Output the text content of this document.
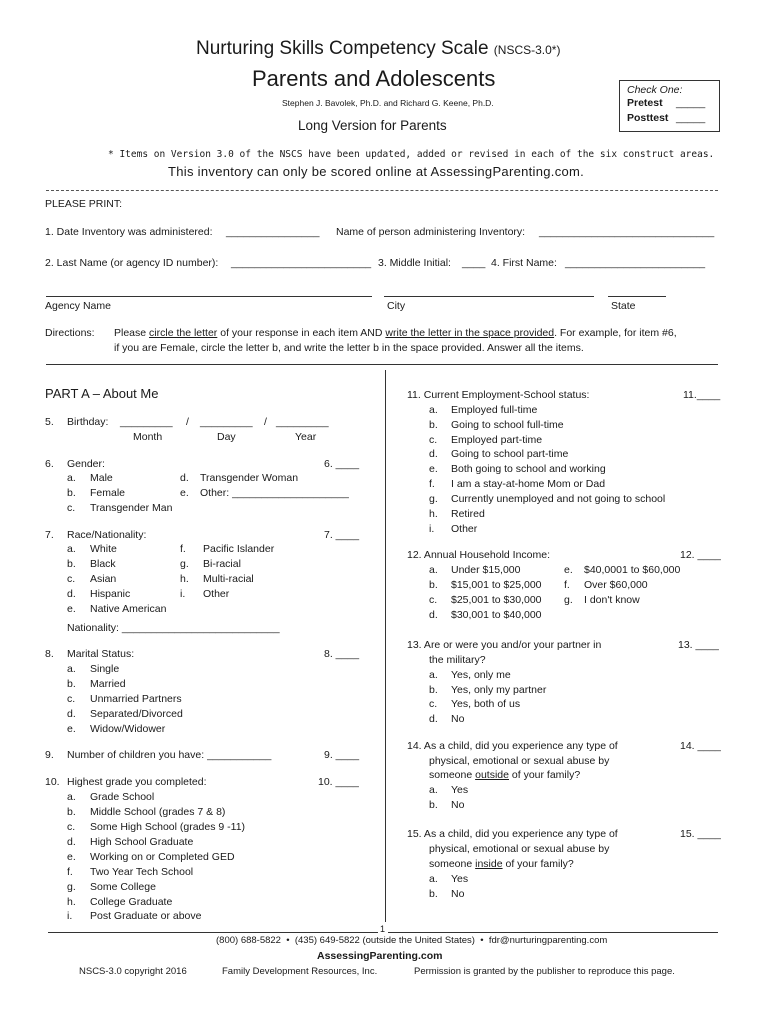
Nurturing Skills Competency Scale (NSCS-3.0*)
Parents and Adolescents
Stephen J. Bavolek, Ph.D. and Richard G. Keene, Ph.D.
Long Version for Parents
Check One:
Pretest _____
Posttest _____
* Items on Version 3.0 of the NSCS have been updated, added or revised in each of the six construct areas.
This inventory can only be scored online at AssessingParenting.com.
PLEASE PRINT:
1. Date Inventory was administered: ________________ Name of person administering Inventory: ______________________________
2. Last Name (or agency ID number): ________________________ 3. Middle Initial: ____ 4. First Name: ________________________
Agency Name	City	State
Directions: Please circle the letter of your response in each item AND write the letter in the space provided. For example, for item #6,
if you are Female, circle the letter b, and write the letter b in the space provided. Answer all the items.
PART A – About Me
5. Birthday: _________ / _________ / _________
Month	Day	Year
6. Gender:	6. ____
a. Male
b. Female
c. Transgender Man
d. Transgender Woman
e. Other: ____________________
7. Race/Nationality:	7. ____
a. White
b. Black
c. Asian
d. Hispanic
e. Native American
f. Pacific Islander
g. Bi-racial
h. Multi-racial
i. Other
Nationality: ___________________________
8. Marital Status:	8. ____
a. Single
b. Married
c. Unmarried Partners
d. Separated/Divorced
e. Widow/Widower
9. Number of children you have: ___________	9. ____
10. Highest grade you completed:	10. ____
a. Grade School
b. Middle School (grades 7 & 8)
c. Some High School (grades 9 -11)
d. High School Graduate
e. Working on or Completed GED
f. Two Year Tech School
g. Some College
h. College Graduate
i. Post Graduate or above
11. Current Employment-School status:	11.____
a. Employed full-time
b. Going to school full-time
c. Employed part-time
d. Going to school part-time
e. Both going to school and working
f. I am a stay-at-home Mom or Dad
g. Currently unemployed and not going to school
h. Retired
i. Other
12. Annual Household Income:	12. ____
a. Under $15,000
b. $15,001 to $25,000
c. $25,001 to $30,000
d. $30,001 to $40,000
e. $40,0001 to $60,000
f. Over $60,000
g. I don't know
13. Are or were you and/or your partner in
the military?
13. ____
a. Yes, only me
b. Yes, only my partner
c. Yes, both of us
d. No
14. As a child, did you experience any type of
physical, emotional or sexual abuse by
someone outside of your family?
14. ____
a. Yes
b. No
15. As a child, did you experience any type of
physical, emotional or sexual abuse by
someone inside of your family?
15. ____
a. Yes
b. No
1
(800) 688-5822 • (435) 649-5822 (outside the United States) • fdr@nurturingparenting.com
AssessingParenting.com
NSCS-3.0 copyright 2016	Family Development Resources, Inc.	Permission is granted by the publisher to reproduce this page.
